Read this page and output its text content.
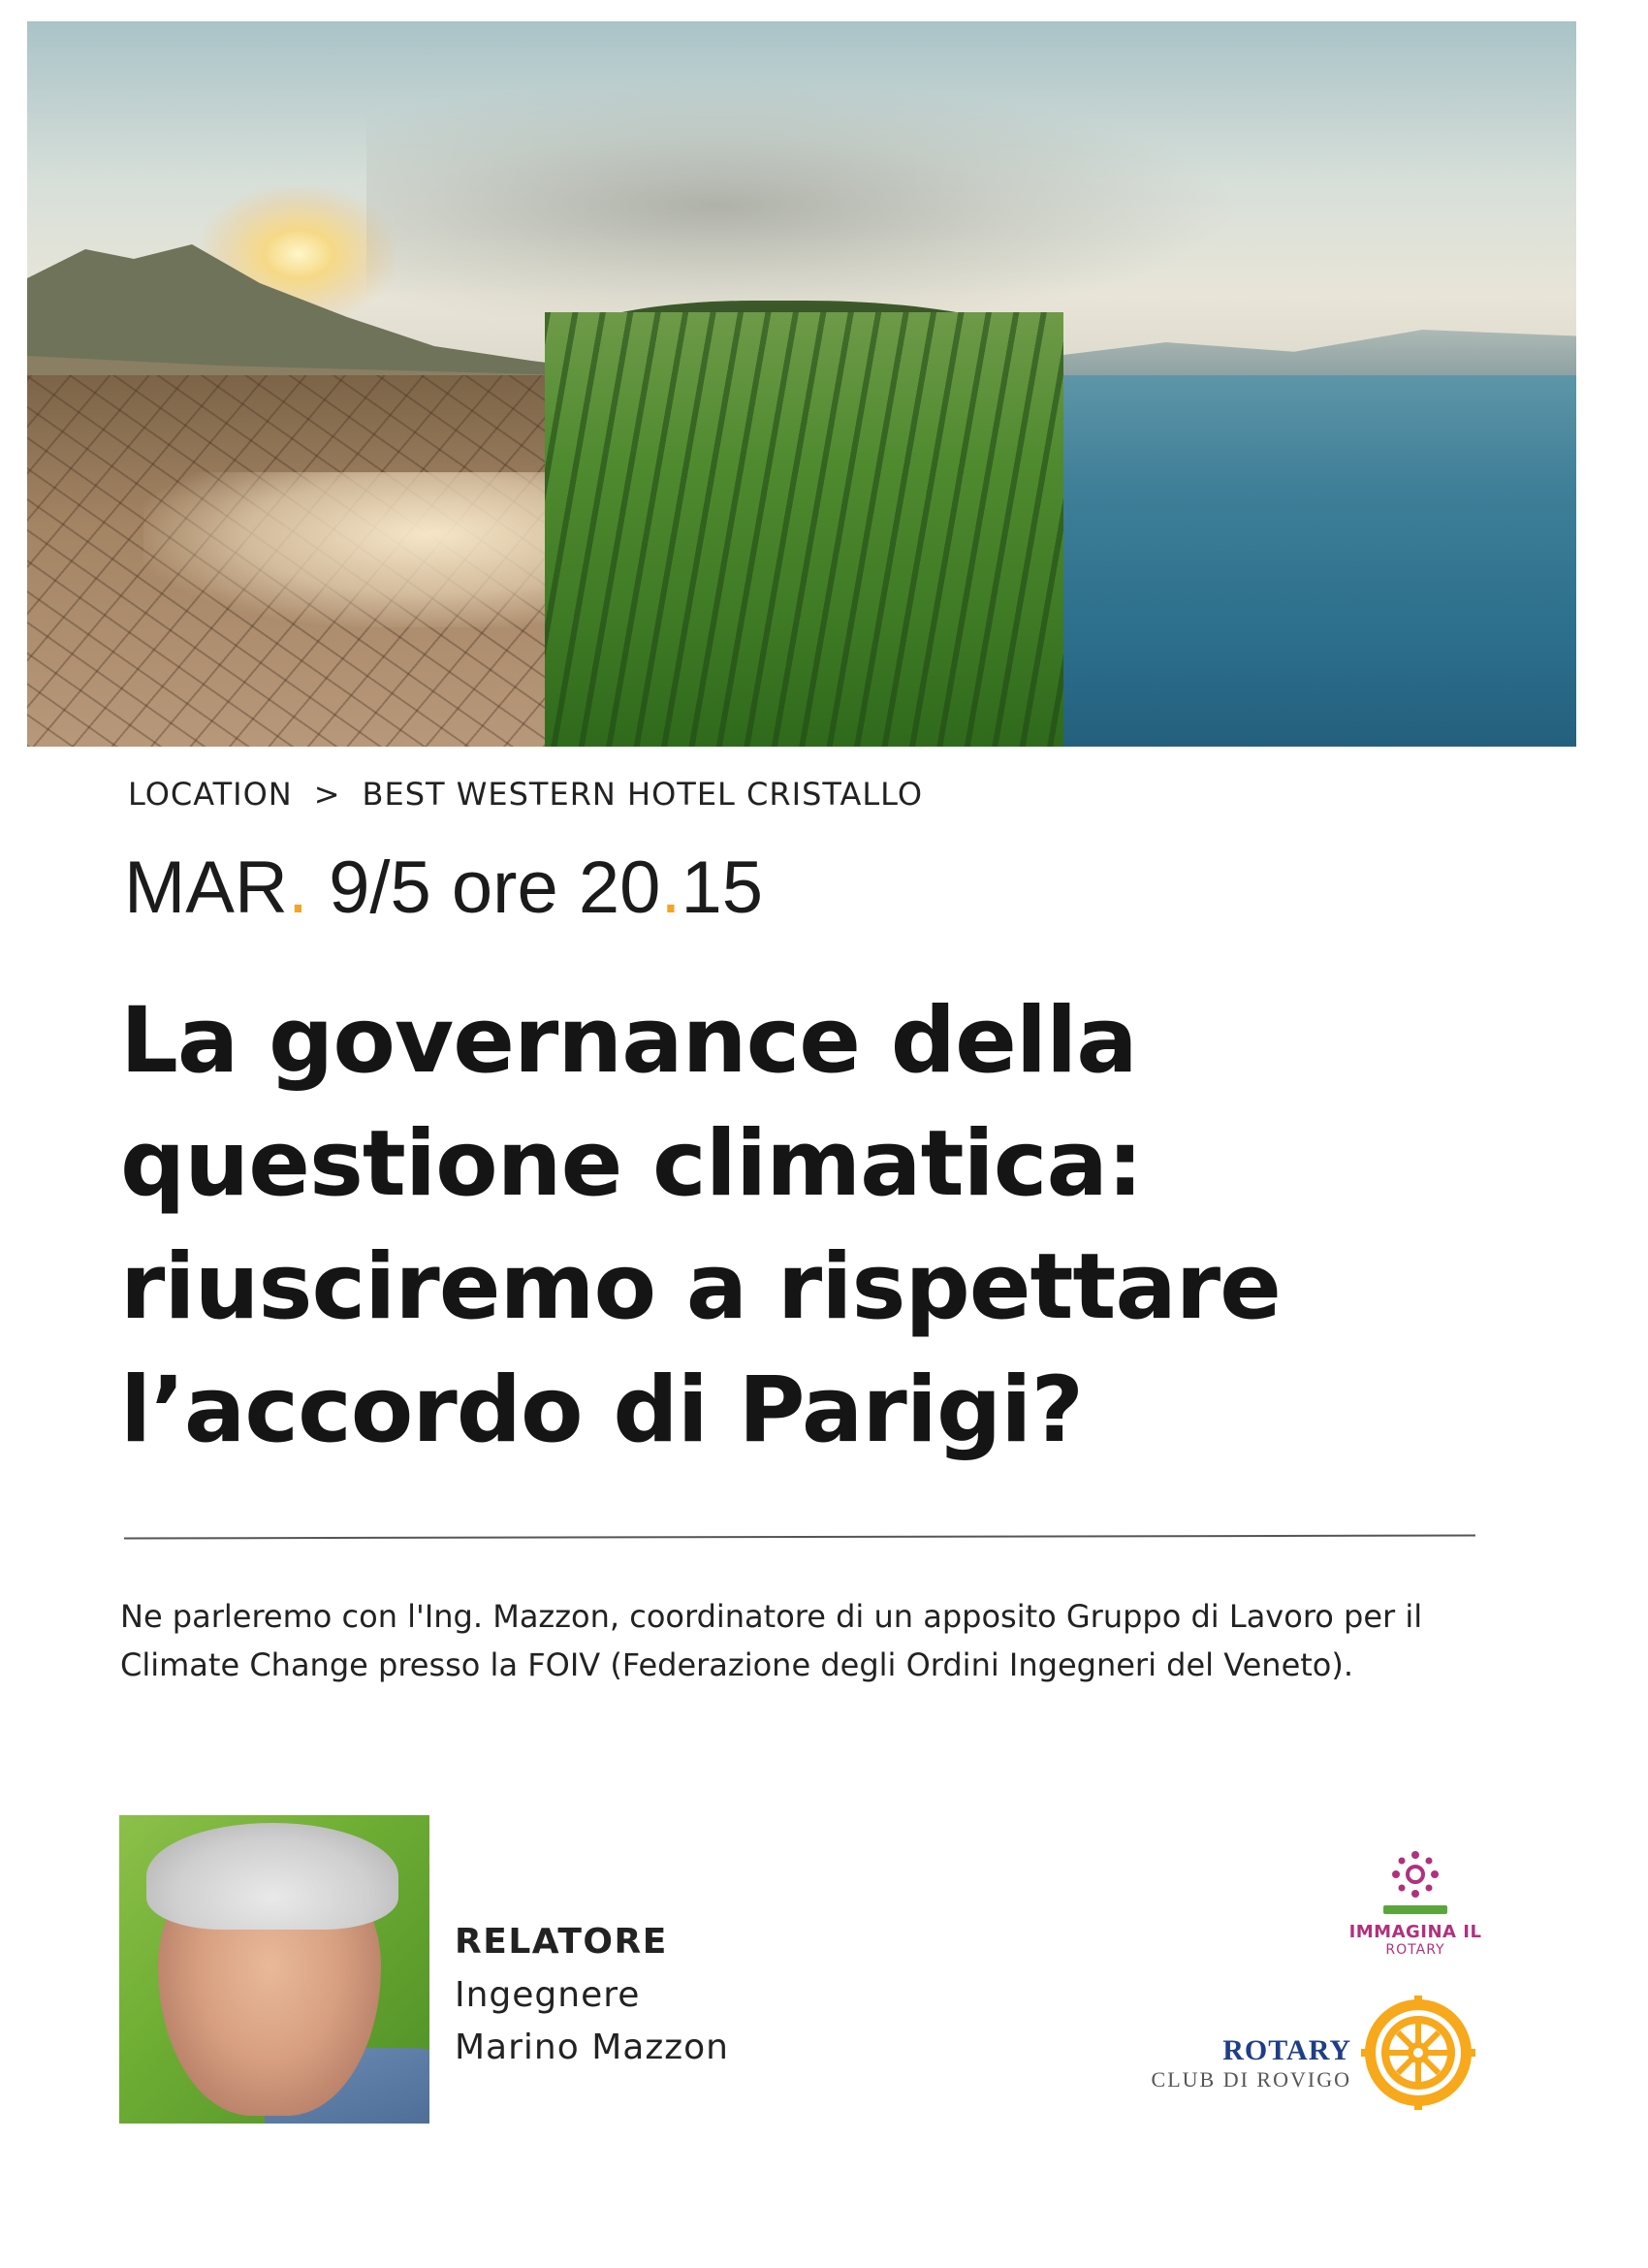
LOCATION > BEST WESTERN HOTEL CRISTALLO
MAR. 9/5 ore 20.15
La governance della
questione climatica:
riusciremo a rispettare
l’accordo di Parigi?
Ne parleremo con l'Ing. Mazzon, coordinatore di un apposito Gruppo di Lavoro per il
Climate Change presso la FOIV (Federazione degli Ordini Ingegneri del Veneto).
RELATORE
Ingegnere
Marino Mazzon
IMMAGINA IL
ROTARY
ROTARY
CLUB DI ROVIGO
